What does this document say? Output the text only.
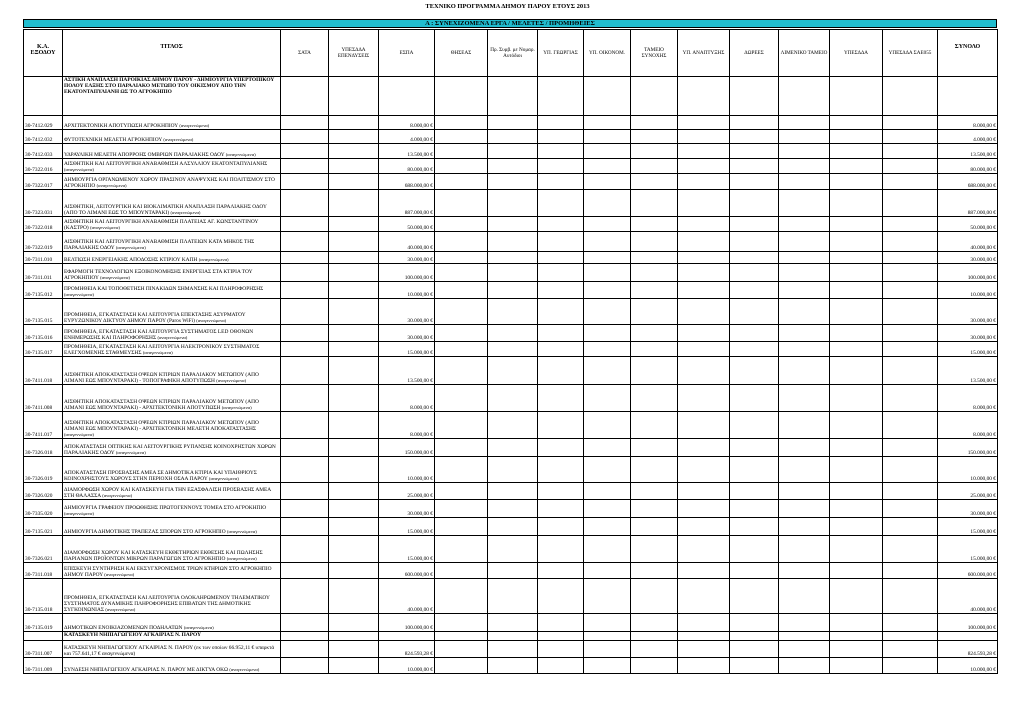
ΤΕΧΝΙΚΟ ΠΡΟΓΡΑΜΜΑ ΔΗΜΟΥ ΠΑΡΟΥ ΕΤΟΥΣ 2013
Α : ΣΥΝΕΧΙΖΟΜΕΝΑ ΕΡΓΑ / ΜΕΛΕΤΕΣ / ΠΡΟΜΗΘΕΙΕΣ
Κ.Α. ΕΞΟΔΟΥ	ΤΙΤΛΟΣ	ΣΑΤΑ	ΥΠΕΣΔΔΑ ΕΠΕΝΔΥΣΕΙΣ	ΕΣΠΑ	ΘΗΣΕΑΣ	Πρ. Συμβ. με Νομαρ. Αυτόδιοι	ΥΠ. ΓΕΩΡΓΙΑΣ	ΥΠ. ΟΙΚΟΝΟΜ.	ΤΑΜΕΙΟ ΣΥΝΟΧΗΣ	ΥΠ. ΑΝΑΠΤΥΞΗΣ	ΔΩΡΕΕΣ	ΛΙΜΕΝΙΚΟ ΤΑΜΕΙΟ	ΥΠΕΣΔΔΑ	ΥΠΕΣΔΔΑ ΣΑΕ055	ΣΥΝΟΛΟ
	ΑΣΤΙΚΗ ΑΝΑΠΛΑΣΗ ΠΑΡΟΙΚΙΑΣ ΔΗΜΟΥ ΠΑΡΟΥ - ΔΗΜΙΟΥΡΓΙΑ ΥΠΕΡΤΟΠΙΚΟΥ ΠΟΛΟΥ ΕΛΞΗΣ ΣΤΟ ΠΑΡΑΛΙΑΚΟ ΜΕΤΩΠΟ ΤΟΥ ΟΙΚΙΣΜΟΥ ΑΠΟ ΤΗΝ ΕΚΑΤΟΝΤΑΠΥΛΙΑΝΗ ΩΣ ΤΟ ΑΓΡΟΚΗΠΙΟ														
30-7412.029	ΑΡΧΙΤΕΚΤΟΝΙΚΗ ΑΠΟΤΥΠΩΣΗ ΑΓΡΟΚΗΠΙΟΥ (αναγεννώμενα)			8.000,00 €											8.000,00 €
30-7412.032	ΦΥΤΟΤΕΧΝΙΚΗ ΜΕΛΕΤΗ ΑΓΡΟΚΗΠΙΟΥ (αναγεννώμενα)			4.000,00 €											4.000,00 €
30-7412.033	ΥΔΡΑΥΛΙΚΗ ΜΕΛΕΤΗ ΑΠΟΡΡΟΗΣ ΟΜΒΡΙΩΝ ΠΑΡΑΛΙΑΚΗΣ ΟΔΟΥ (αναγεννώμενα)			13.500,00 €											13.500,00 €
30-7322.016	ΑΙΣΘΗΤΙΚΗ ΚΑΙ ΛΕΙΤΟΥΡΓΙΚΗ ΑΝΑΒΑΘΜΙΣΗ ΑΛΣΥΛΛΙΟΥ ΕΚΑΤΟΝΤΑΠΥΛΙΑΝΗΣ (αναγεννώμενα)			80.000,00 €											80.000,00 €
30-7322.017	ΔΗΜΙΟΥΡΓΙΑ ΟΡΓΑΝΩΜΕΝΟΥ ΧΩΡΟΥ ΠΡΑΣΙΝΟΥ ΑΝΑΨΥΧΗΣ ΚΑΙ ΠΟΛΙΤΙΣΜΟΥ ΣΤΟ ΑΓΡΟΚΗΠΙΟ (αναγεννώμενα)			688.000,00 €											688.000,00 €
30-7323.031	ΑΙΣΘΗΤΙΚΗ, ΛΕΙΤΟΥΡΓΙΚΗ ΚΑΙ ΒΙΟΚΛΙΜΑΤΙΚΗ ΑΝΑΠΛΑΣΗ ΠΑΡΑΛΙΑΚΗΣ ΟΔΟΥ (ΑΠΟ ΤΟ ΛΙΜΑΝΙ ΕΩΣ ΤΟ ΜΠΟΥΝΤΑΡΑΚΙ) (αναγεννώμενα)			887.000,00 €											887.000,00 €
30-7322.018	ΑΙΣΘΗΤΙΚΗ ΚΑΙ ΛΕΙΤΟΥΡΓΙΚΗ ΑΝΑΒΑΘΜΙΣΗ ΠΛΑΤΕΙΑΣ ΑΓ. ΚΩΝΣΤΑΝΤΙΝΟΥ (ΚΑΣΤΡΟ) (αναγεννώμενα)			50.000,00 €											50.000,00 €
30-7322.019	ΑΙΣΘΗΤΙΚΗ ΚΑΙ ΛΕΙΤΟΥΡΓΙΚΗ ΑΝΑΒΑΘΜΙΣΗ ΠΛΑΤΕΙΩΝ ΚΑΤΑ ΜΗΚΟΣ ΤΗΣ ΠΑΡΑΛΙΑΚΗΣ ΟΔΟΥ (αναγεννώμενα)			40.000,00 €											40.000,00 €
30-7311.010	ΒΕΛΤΙΩΣΗ ΕΝΕΡΓΕΙΑΚΗΣ ΑΠΟΔΟΣΗΣ ΚΤΙΡΙΟΥ ΚΑΠΗ (αναγεννώμενα)			30.000,00 €											30.000,00 €
30-7311.011	ΕΦΑΡΜΟΓΗ ΤΕΧΝΟΛΟΓΙΩΝ ΕΞΟΙΚΟΝΟΜΗΣΗΣ ΕΝΕΡΓΕΙΑΣ ΣΤΑ ΚΤΙΡΙΑ ΤΟΥ ΑΓΡΟΚΗΠΙΟΥ (αναγεννώμενα)			100.000,00 €											100.000,00 €
30-7135.012	ΠΡΟΜΗΘΕΙΑ ΚΑΙ ΤΟΠΟΘΕΤΗΣΗ ΠΙΝΑΚΙΔΩΝ ΣΗΜΑΝΣΗΣ ΚΑΙ ΠΛΗΡΟΦΟΡΗΣΗΣ (αναγεννώμενα)			10.000,00 €											10.000,00 €
30-7135.015	ΠΡΟΜΗΘΕΙΑ, ΕΓΚΑΤΑΣΤΑΣΗ ΚΑΙ ΛΕΙΤΟΥΡΓΙΑ ΕΠΕΚΤΑΣΗΣ ΑΣΥΡΜΑΤΟΥ ΕΥΡΥΖΩΝΙΚΟΥ ΔΙΚΤΥΟΥ ΔΗΜΟΥ ΠΑΡΟΥ (Paros WiFi) (αναγεννώμενα)			30.000,00 €											30.000,00 €
30-7135.016	ΠΡΟΜΗΘΕΙΑ, ΕΓΚΑΤΑΣΤΑΣΗ ΚΑΙ ΛΕΙΤΟΥΡΓΙΑ ΣΥΣΤΗΜΑΤΟΣ LED ΟΘΟΝΩΝ ΕΝΗΜΕΡΩΣΗΣ ΚΑΙ ΠΛΗΡΟΦΟΡΗΣΗΣ (αναγεννώμενα)			30.000,00 €											30.000,00 €
30-7135.017	ΠΡΟΜΗΘΕΙΑ, ΕΓΚΑΤΑΣΤΑΣΗ ΚΑΙ ΛΕΙΤΟΥΡΓΙΑ ΗΛΕΚΤΡΟΝΙΚΟΥ ΣΥΣΤΗΜΑΤΟΣ ΕΛΕΓΧΟΜΕΝΗΣ ΣΤΑΘΜΕΥΣΗΣ (αναγεννώμενα)			15.000,00 €											15.000,00 €
30-7411.018	ΑΙΣΘΗΤΙΚΗ ΑΠΟΚΑΤΑΣΤΑΣΗ ΟΨΕΩΝ ΚΤΙΡΙΩΝ ΠΑΡΑΛΙΑΚΟΥ ΜΕΤΩΠΟΥ (ΑΠΟ ΛΙΜΑΝΙ ΕΩΣ ΜΠΟΥΝΤΑΡΑΚΙ) - ΤΟΠΟΓΡΑΦΙΚΗ ΑΠΟΤΥΠΩΣΗ (αναγεννώμενα)			13.500,00 €											13.500,00 €
30-7411.008	ΑΙΣΘΗΤΙΚΗ ΑΠΟΚΑΤΑΣΤΑΣΗ ΟΨΕΩΝ ΚΤΙΡΙΩΝ ΠΑΡΑΛΙΑΚΟΥ ΜΕΤΩΠΟΥ (ΑΠΟ ΛΙΜΑΝΙ ΕΩΣ ΜΠΟΥΝΤΑΡΑΚΙ) - ΑΡΧΙΤΕΚΤΟΝΙΚΗ ΑΠΟΤΥΠΩΣΗ (αναγεννώμενα)			8.000,00 €											8.000,00 €
30-7411.017	ΑΙΣΘΗΤΙΚΗ ΑΠΟΚΑΤΑΣΤΑΣΗ ΟΨΕΩΝ ΚΤΙΡΙΩΝ ΠΑΡΑΛΙΑΚΟΥ ΜΕΤΩΠΟΥ (ΑΠΟ ΛΙΜΑΝΙ ΕΩΣ ΜΠΟΥΝΤΑΡΑΚΙ) - ΑΡΧΙΤΕΚΤΟΝΙΚΗ ΜΕΛΕΤΗ ΑΠΟΚΑΤΑΣΤΑΣΗΣ (αναγεννώμενα)			8.000,00 €											8.000,00 €
30-7326.018	ΑΠΟΚΑΤΑΣΤΑΣΗ ΟΠΤΙΚΗΣ ΚΑΙ ΛΕΙΤΟΥΡΓΙΚΗΣ ΡΥΠΑΝΣΗΣ ΚΟΙΝΟΧΡΗΣΤΩΝ ΧΩΡΩΝ ΠΑΡΑΛΙΑΚΗΣ ΟΔΟΥ (αναγεννώμενα)			150.000,00 €											150.000,00 €
30-7326.019	ΑΠΟΚΑΤΑΣΤΑΣΗ ΠΡΟΣΒΑΣΗΣ ΑΜΕΑ ΣΕ ΔΗΜΟΤΙΚΑ ΚΤΙΡΙΑ ΚΑΙ ΥΠΑΙΘΡΙΟΥΣ ΚΟΙΝΟΧΡΗΣΤΟΥΣ ΧΩΡΟΥΣ ΣΤΗΝ ΠΕΡΙΟΧΗ ΟΣΑΑ ΠΑΡΟΥ (αναγεννώμενα)			10.000,00 €											10.000,00 €
30-7326.020	ΔΙΑΜΟΡΦΩΣΗ ΧΩΡΟΥ ΚΑΙ ΚΑΤΑΣΚΕΥΗ ΓΙΑ ΤΗΝ ΕΞΑΣΦΑΛΙΣΗ ΠΡΟΣΒΑΣΗΣ ΑΜΕΑ ΣΤΗ ΘΑΛΑΣΣΑ (αναγεννώμενα)			25.000,00 €											25.000,00 €
30-7335.020	ΔΗΜΙΟΥΡΓΙΑ ΓΡΑΦΕΙΟΥ ΠΡΟΩΘΗΣΗΣ ΠΡΩΤΟΓΕΝΝΟΥΣ ΤΟΜΕΑ ΣΤΟ ΑΓΡΟΚΗΠΙΟ (αναγεννώμενα)			30.000,00 €											30.000,00 €
30-7135.021	ΔΗΜΙΟΥΡΓΙΑ ΔΗΜΟΤΙΚΗΣ ΤΡΑΠΕΖΑΣ ΣΠΟΡΩΝ ΣΤΟ ΑΓΡΟΚΗΠΙΟ (αναγεννώμενα)			15.000,00 €											15.000,00 €
30-7326.021	ΔΙΑΜΟΡΦΩΣΗ ΧΩΡΟΥ ΚΑΙ ΚΑΤΑΣΚΕΥΗ ΕΚΘΕΤΗΡΙΩΝ ΕΚΘΕΣΗΣ ΚΑΙ ΠΩΛΗΣΗΣ ΠΑΡΙΑΝΩΝ ΠΡΟΪΟΝΤΩΝ ΜΙΚΡΩΝ ΠΑΡΑΓΩΓΩΝ ΣΤΟ ΑΓΡΟΚΗΠΙΟ (αναγεννώμενα)			15.000,00 €											15.000,00 €
30-7311.018	ΕΠΙΣΚΕΥΗ ΣΥΝΤΗΡΗΣΗ ΚΑΙ ΕΚΣΥΓΧΡΟΝΙΣΜΟΣ ΤΡΙΩΝ ΚΤΗΡΙΩΝ ΣΤΟ ΑΓΡΟΚΗΠΙΟ ΔΗΜΟΥ ΠΑΡΟΥ (αναγεννώμενα)			600.000,00 €											600.000,00 €
30-7135.018	ΠΡΟΜΗΘΕΙΑ, ΕΓΚΑΤΑΣΤΑΣΗ ΚΑΙ ΛΕΙΤΟΥΡΓΙΑ ΟΛΟΚΛΗΡΩΜΕΝΟΥ ΤΗΛΕΜΑΤΙΚΟΥ ΣΥΣΤΗΜΑΤΟΣ ΔΥΝΑΜΙΚΗΣ ΠΛΗΡΟΦΟΡΗΣΗΣ ΕΠΙΒΑΤΩΝ ΤΗΣ ΔΗΜΟΤΙΚΗΣ ΣΥΓΚΟΙΝΩΝΙΑΣ (αναγεννώμενα)			40.000,00 €											40.000,00 €
30-7135.019	ΔΗΜΟΤΙΚΩΝ ΕΝΟΙΚΙΑΖΟΜΕΝΩΝ ΠΟΔΗΛΑΤΩΝ (αναγεννώμενα)			100.000,00 €											100.000,00 €
	ΚΑΤΑΣΚΕΥΗ ΝΗΠΙΑΓΩΓΕΙΟΥ ΑΓΚΑΙΡΙΑΣ Ν. ΠΑΡΟΥ														
30-7311.007	ΚΑΤΑΣΚΕΥΗ ΝΗΠΙΑΓΩΓΕΙΟΥ ΑΓΚΑΙΡΙΑΣ Ν. ΠΑΡΟΥ (εκ των οποίων 66.952,11 € υπαρκτά και 757.641,17 € αναγεννώμενα)			824.593,28 €											824.593,28 €
30-7311.009	ΣΥΝΔΕΣΗ ΝΗΠΙΑΓΩΓΕΙΟΥ ΑΓΚΑΙΡΙΑΣ Ν. ΠΑΡΟΥ ΜΕ ΔΙΚΤΥΑ ΟΚΩ (αναγεννώμενα)			10.000,00 €											10.000,00 €
